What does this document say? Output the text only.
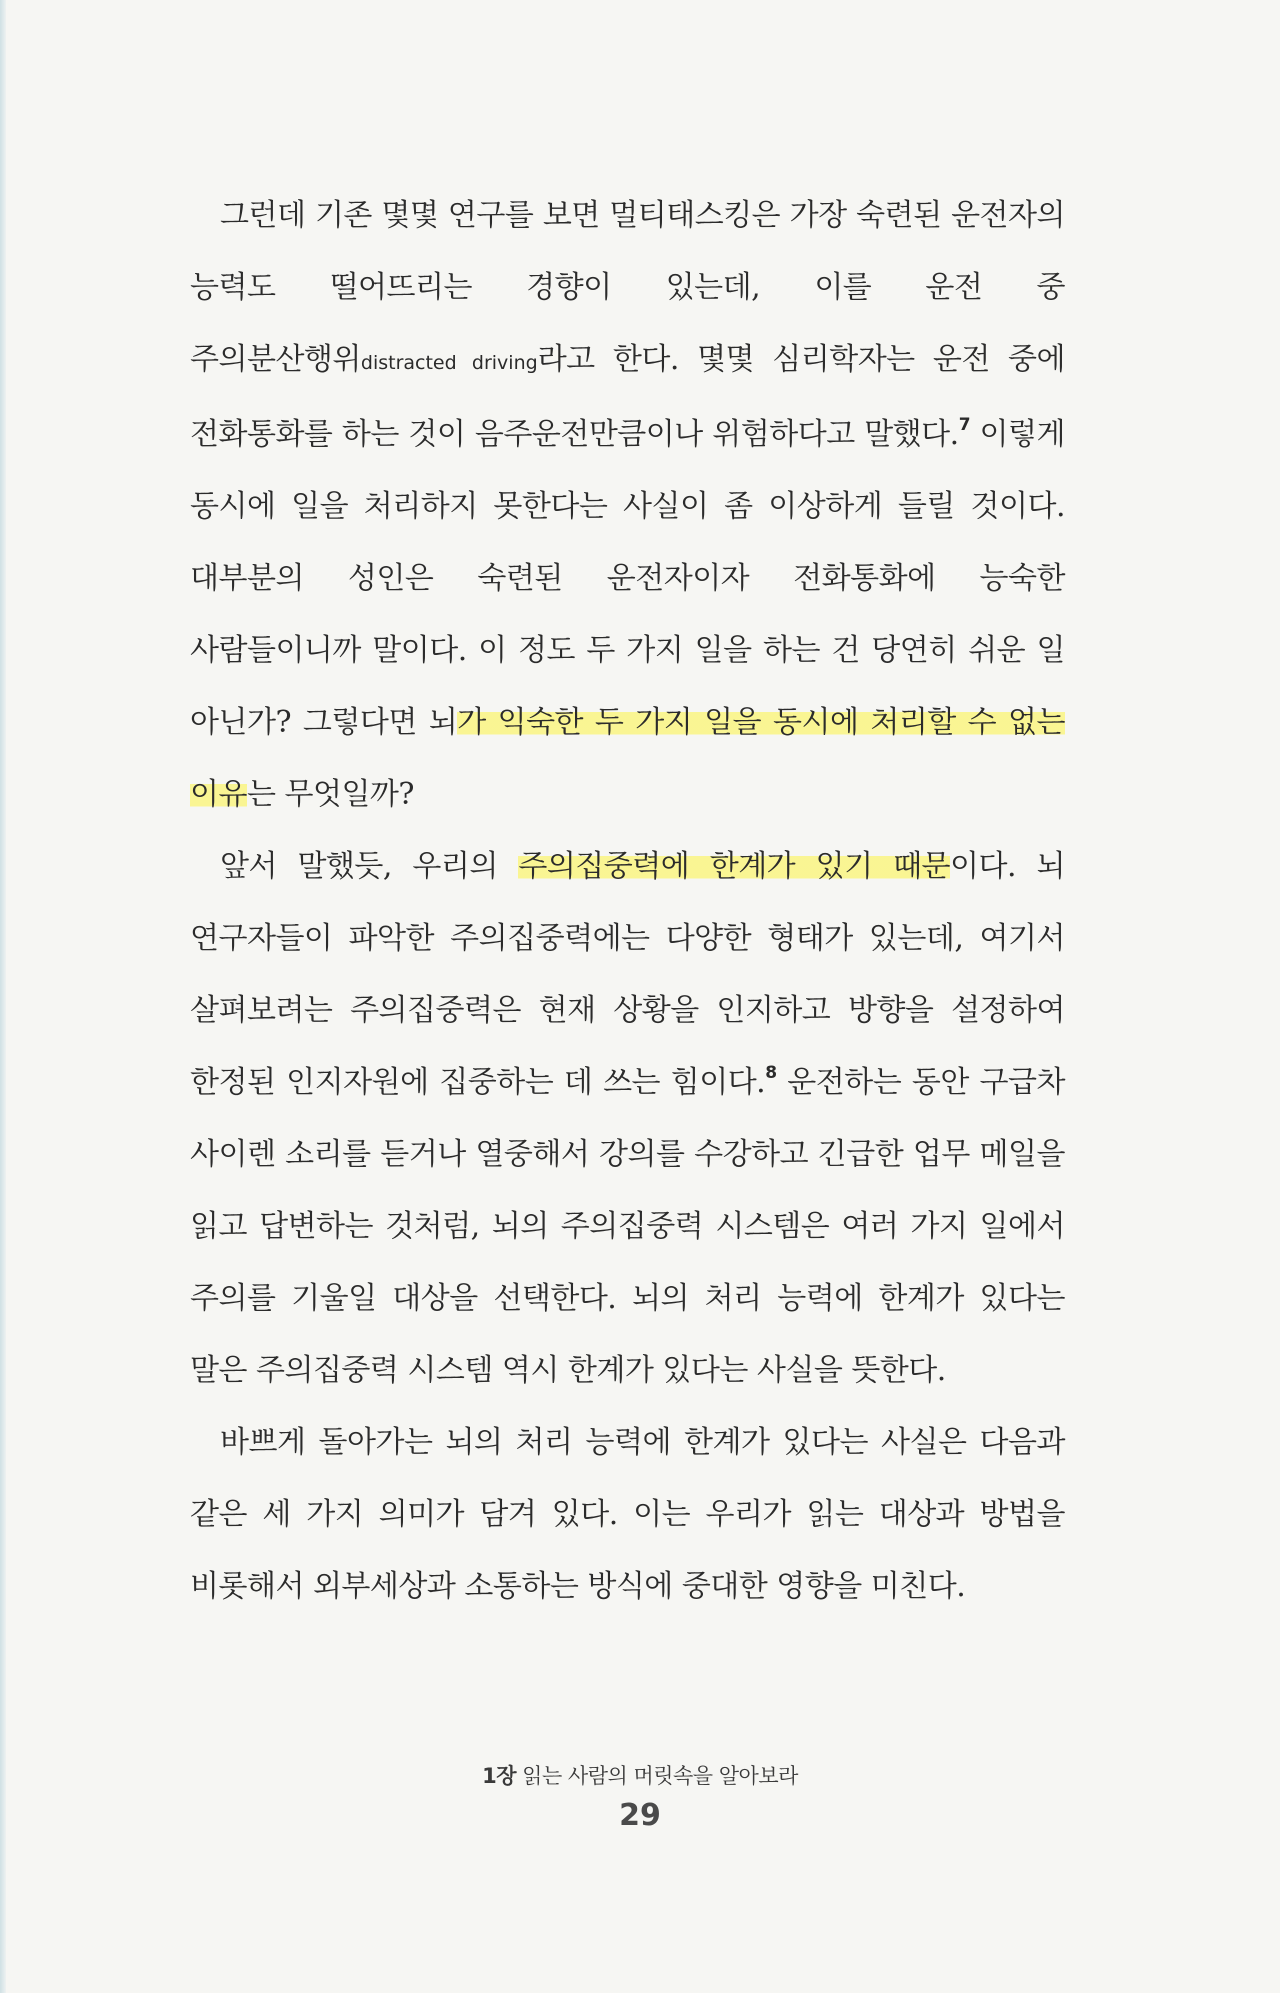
그런데 기존 몇몇 연구를 보면 멀티태스킹은 가장 숙련된 운전자의 능력도 떨어뜨리는 경향이 있는데, 이를 운전 중 주의분산행위distracted driving라고 한다. 몇몇 심리학자는 운전 중에 전화통화를 하는 것이 음주운전만큼이나 위험하다고 말했다.$^7$ 이렇게 동시에 일을 처리하지 못한다는 사실이 좀 이상하게 들릴 것이다. 대부분의 성인은 숙련된 운전자이자 전화통화에 능숙한 사람들이니까 말이다. 이 정도 두 가지 일을 하는 건 당연히 쉬운 일 아닌가? 그렇다면 뇌가 익숙한 두 가지 일을 동시에 처리할 수 없는 이유는 무엇일까?

앞서 말했듯, 우리의 주의집중력에 한계가 있기 때문이다. 뇌 연구자들이 파악한 주의집중력에는 다양한 형태가 있는데, 여기서 살펴보려는 주의집중력은 현재 상황을 인지하고 방향을 설정하여 한정된 인지자원에 집중하는 데 쓰는 힘이다.$^8$ 운전하는 동안 구급차 사이렌 소리를 듣거나 열중해서 강의를 수강하고 긴급한 업무 메일을 읽고 답변하는 것처럼, 뇌의 주의집중력 시스템은 여러 가지 일에서 주의를 기울일 대상을 선택한다. 뇌의 처리 능력에 한계가 있다는 말은 주의집중력 시스템 역시 한계가 있다는 사실을 뜻한다.

바쁘게 돌아가는 뇌의 처리 능력에 한계가 있다는 사실은 다음과 같은 세 가지 의미가 담겨 있다. 이는 우리가 읽는 대상과 방법을 비롯해서 외부세상과 소통하는 방식에 중대한 영향을 미친다.

1장 읽는 사람의 머릿속을 알아보라
29
